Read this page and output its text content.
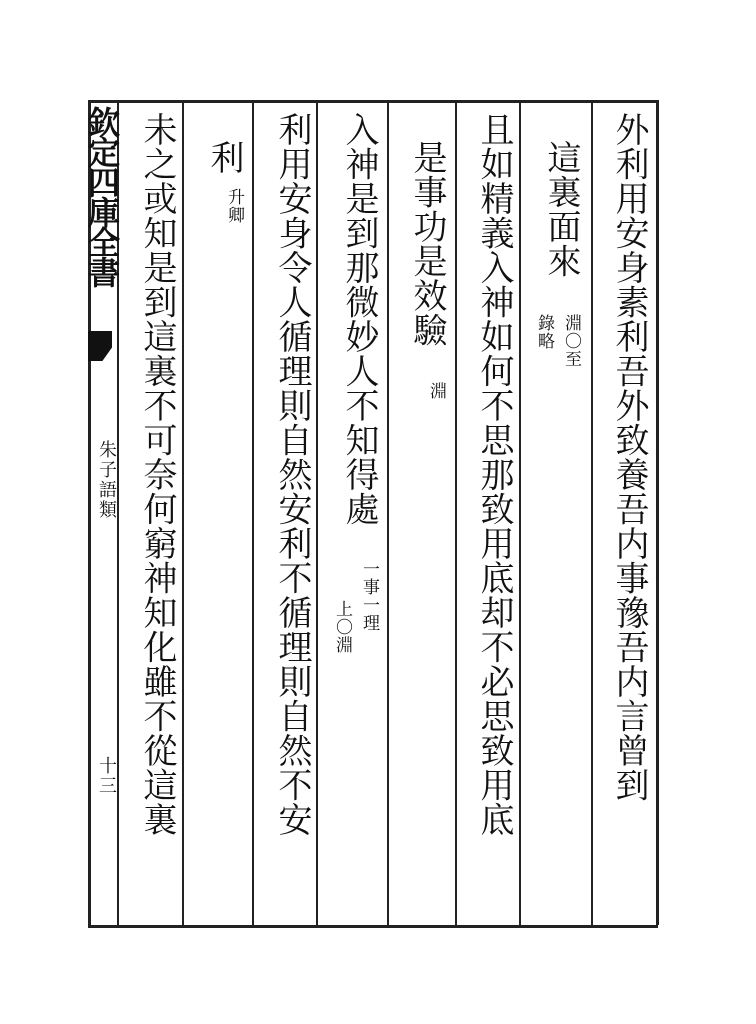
欽定四庫全書
朱子語類
十三	外利用安身素利吾外致養吾内事豫吾内言曾到
這裏面來
淵〇至
錄略
且如精義入神如何不思那致用底却不必思致用底
是事功是效驗
淵
入神是到那微妙人不知得處
一事一理
上〇淵
利用安身令人循理則自然安利不循理則自然不安
利
升卿
未之或知是到這裏不可奈何窮神知化雖不從這裏
